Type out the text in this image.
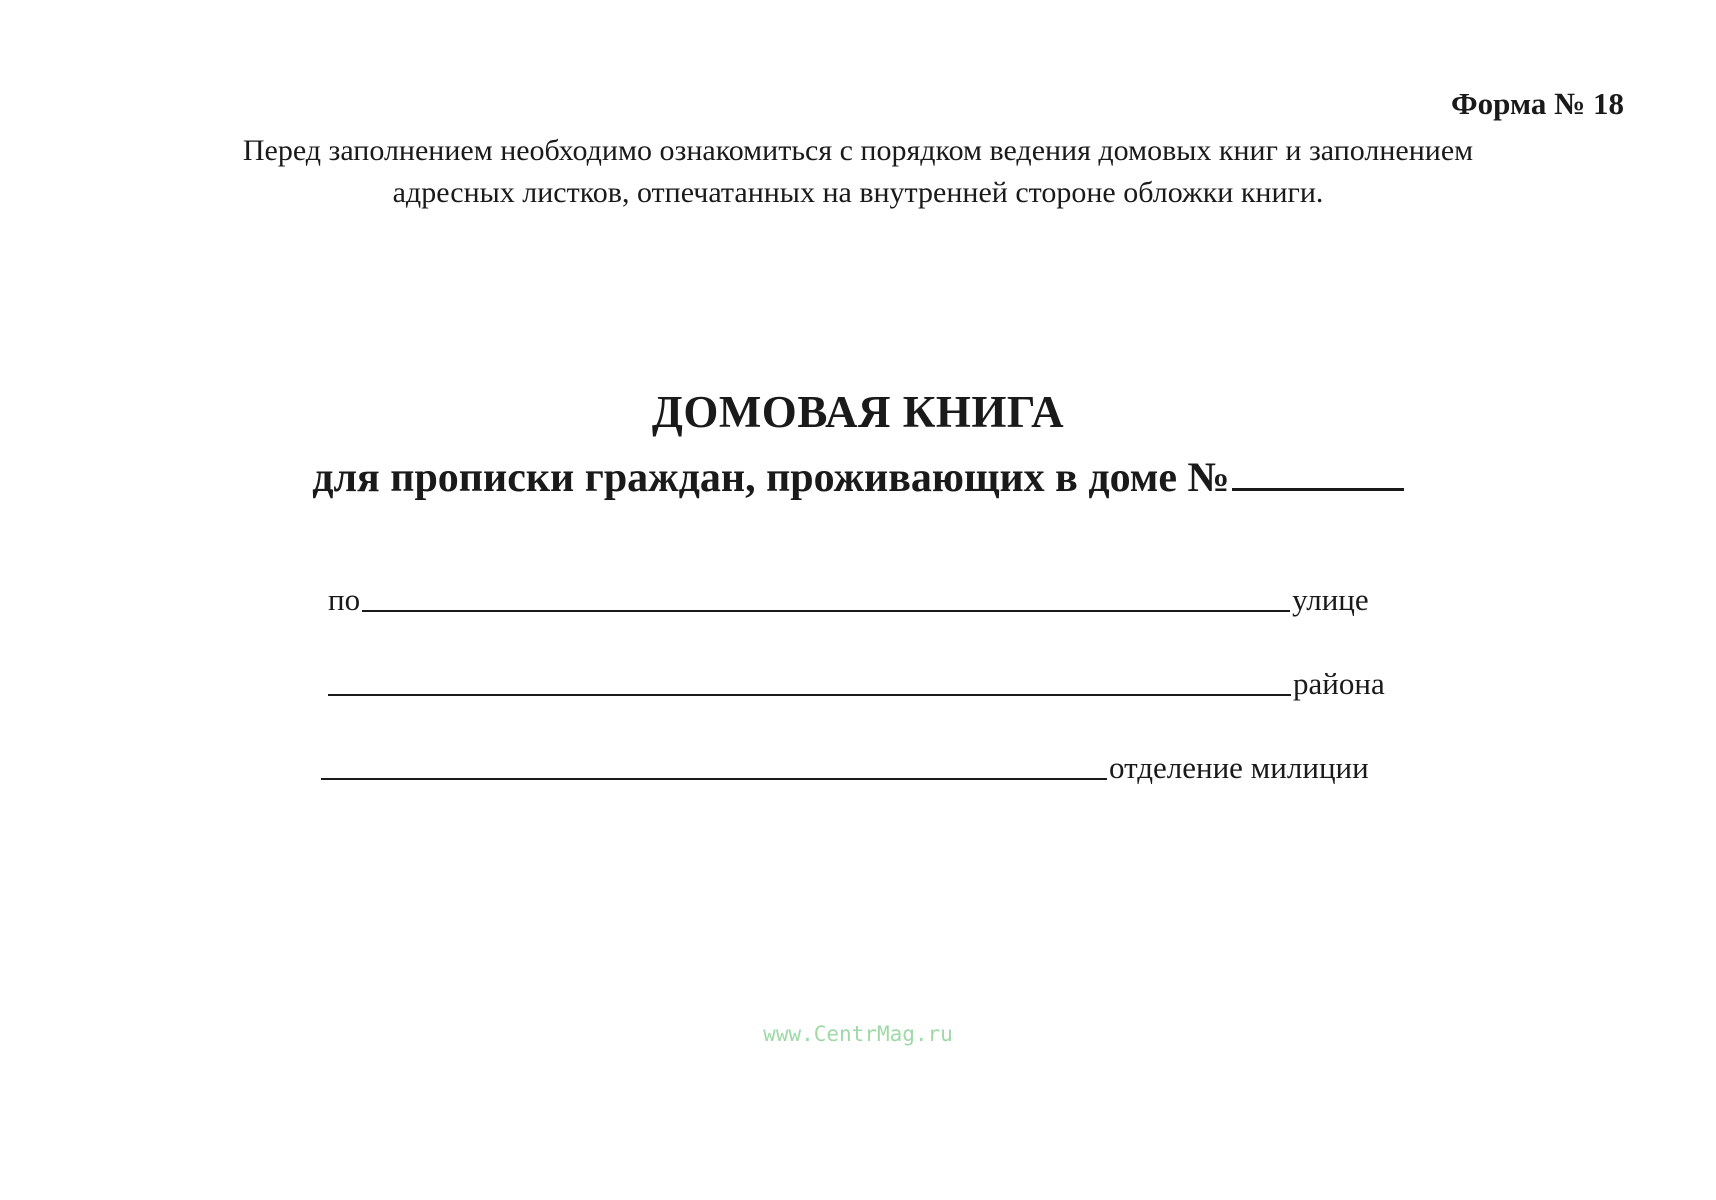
Форма № 18
Перед заполнением необходимо ознакомиться с порядком ведения домовых книг и заполнением
адресных листков, отпечатанных на внутренней стороне обложки книги.
ДОМОВАЯ КНИГА
для прописки граждан, проживающих в доме №
по	улице
района
отделение милиции
www.CentrMag.ru
